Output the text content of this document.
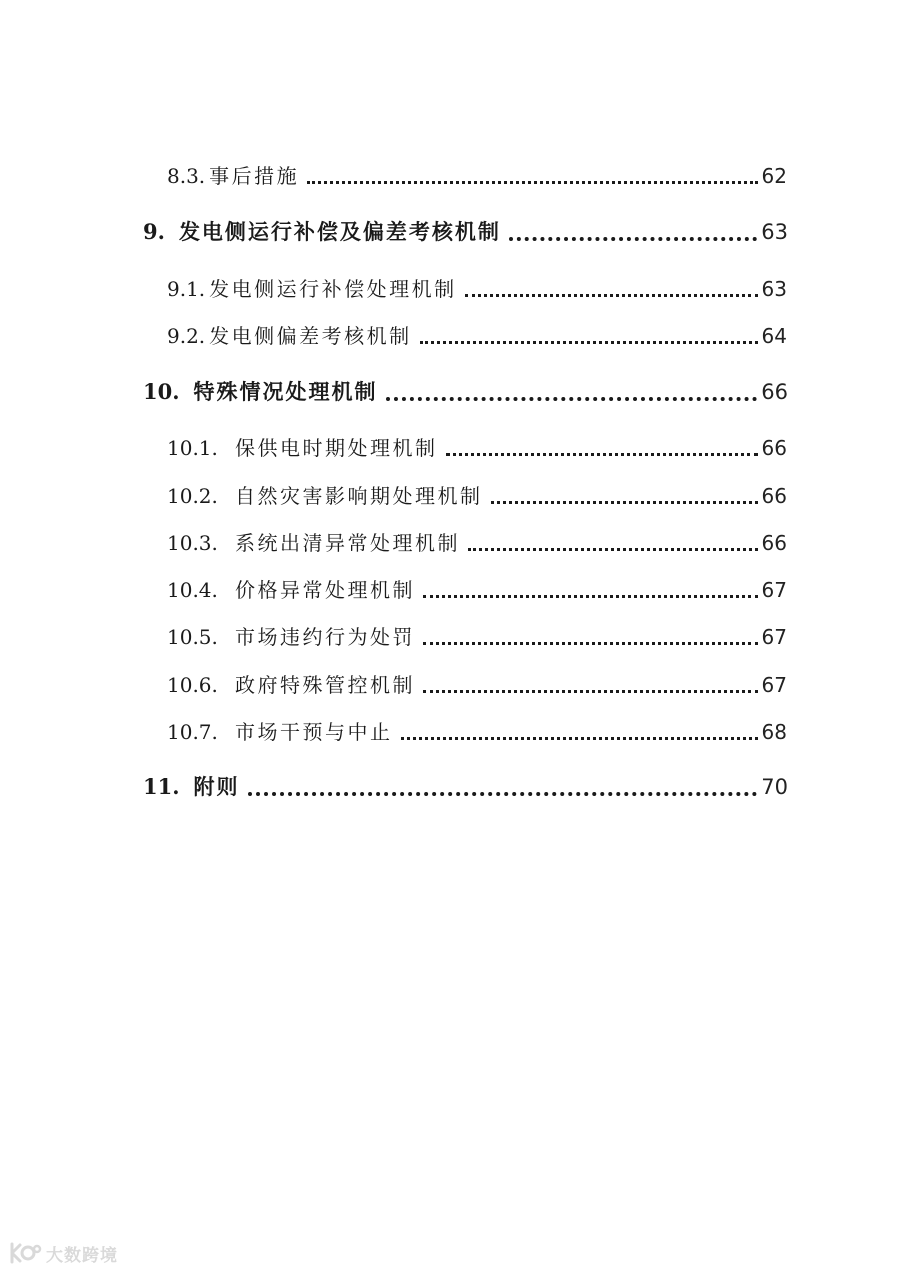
8.3. 事后措施	62
9. 发电侧运行补偿及偏差考核机制	63
9.1. 发电侧运行补偿处理机制	63
9.2. 发电侧偏差考核机制	64
10. 特殊情况处理机制	66
10.1. 保供电时期处理机制	66
10.2. 自然灾害影响期处理机制	66
10.3. 系统出清异常处理机制	66
10.4. 价格异常处理机制	67
10.5. 市场违约行为处罚	67
10.6. 政府特殊管控机制	67
10.7. 市场干预与中止	68
11. 附则	70
大数跨境
